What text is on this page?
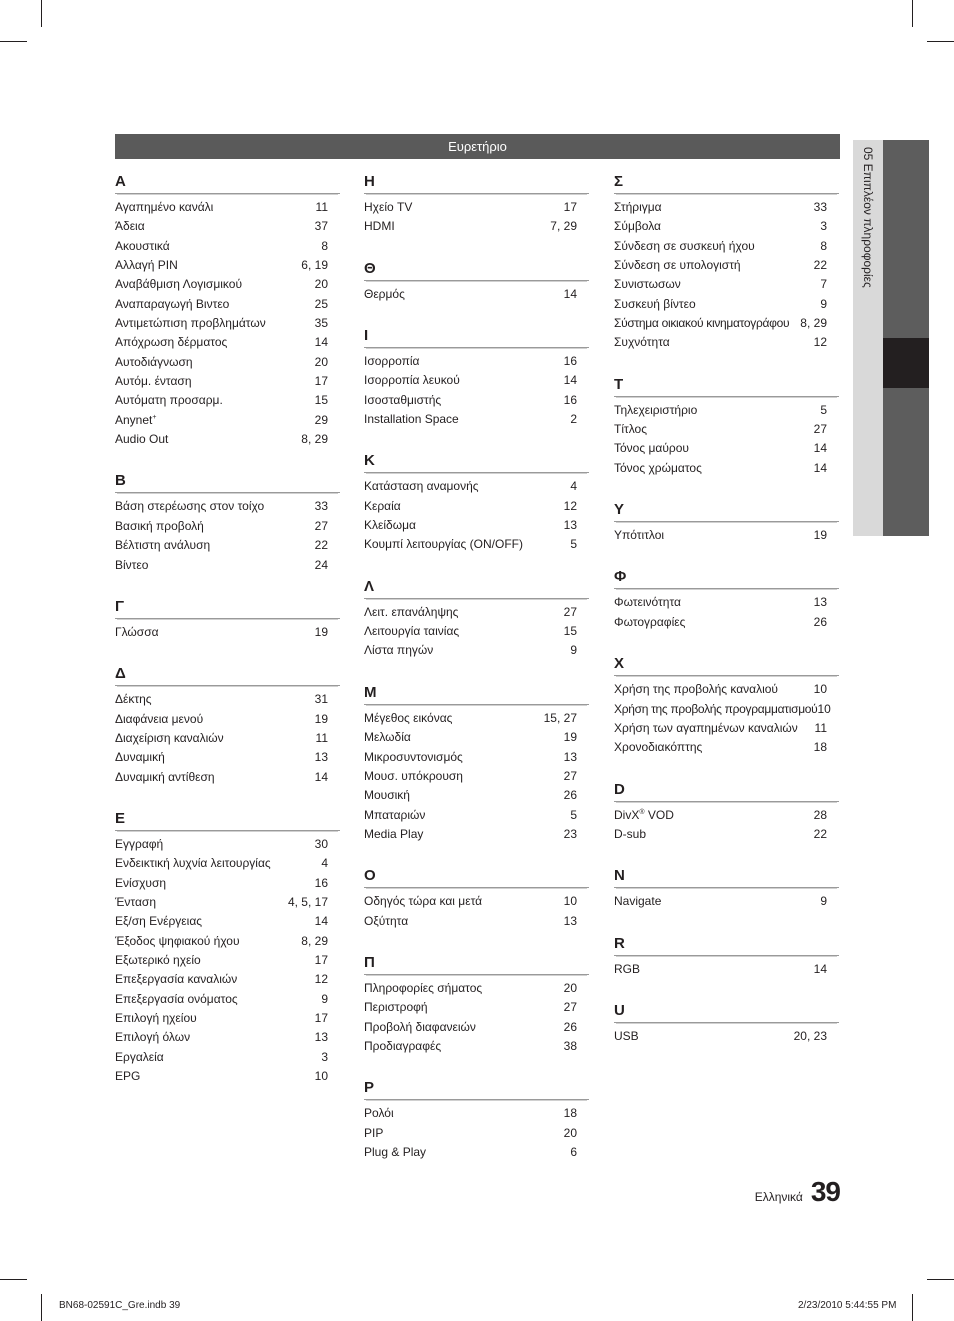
Ευρετήριο
Α
Αγαπημένο κανάλι	11
Άδεια	37
Ακουστικά	8
Αλλαγή PIN	6, 19
Αναβάθμιση Λογισμικού	20
Αναπαραγωγή Βιντεο	25
Αντιμετώπιση προβλημάτων	35
Απόχρωση δέρματος	14
Αυτοδιάγνωση	20
Αυτόμ. ένταση	17
Αυτόματη προσαρμ.	15
Anynet+	29
Audio Out	8, 29
Β
Βάση στερέωσης στον τοίχο	33
Βασική προβολή	27
Βέλτιστη ανάλυση	22
Βίντεο	24
Γ
Γλώσσα	19
Δ
Δέκτης	31
Διαφάνεια μενού	19
Διαχείριση καναλιών	11
Δυναμική	13
Δυναμική αντίθεση	14
Ε
Εγγραφή	30
Ενδεικτική λυχνία λειτουργίας	4
Ενίσχυση	16
Ένταση	4, 5, 17
Εξ/ση Ενέργειας	14
Έξοδος ψηφιακού ήχου	8, 29
Εξωτερικό ηχείο	17
Επεξεργασία καναλιών	12
Επεξεργασία ονόματος	9
Επιλογή ηχείου	17
Επιλογή όλων	13
Εργαλεία	3
EPG	10
Η
Ηχείο TV	17
HDMI	7, 29
Θ
Θερμός	14
Ι
Ισορροπία	16
Ισορροπία λευκού	14
Ισοσταθμιστής	16
Installation Space	2
Κ
Κατάσταση αναμονής	4
Κεραία	12
Κλείδωμα	13
Κουμπί λειτουργίας (ON/OFF)	5
Λ
Λειτ. επανάληψης	27
Λειτουργία ταινίας	15
Λίστα πηγών	9
Μ
Μέγεθος εικόνας	15, 27
Μελωδία	19
Μικροσυντονισμός	13
Μουσ. υπόκρουση	27
Μουσική	26
Μπαταριών	5
Media Play	23
Ο
Οδηγός τώρα και μετά	10
Οξύτητα	13
Π
Πληροφορίες σήματος	20
Περιστροφή	27
Προβολή διαφανειών	26
Προδιαγραφές	38
Ρ
Ρολόι	18
PIP	20
Plug & Play	6
Σ
Στήριγμα	33
Σύμβολα	3
Σύνδεση σε συσκευή ήχου	8
Σύνδεση σε υπολογιστή	22
Συνιστωσων	7
Συσκευή βίντεο	9
Σύστημα οικιακού κινηματογράφου 8, 29
Συχνότητα	12
Τ
Τηλεχειριστήριο	5
Τίτλος	27
Τόνος μαύρου	14
Τόνος χρώματος	14
Υ
Υπότιτλοι	19
Φ
Φωτεινότητα	13
Φωτογραφίες	26
Χ
Χρήση της προβολής καναλιού	10
Χρήση της προβολής προγραμματισμού 10
Χρήση των αγαπημένων καναλιών 11
Χρονοδιακόπτης	18
D
DivX® VOD	28
D-sub	22
N
Navigate	9
R
RGB	14
U
USB	20, 23
05 Επιπλέον πληροφορίες
Ελληνικά 39
BN68-02591C_Gre.indb 39	2/23/2010 5:44:55 PM
